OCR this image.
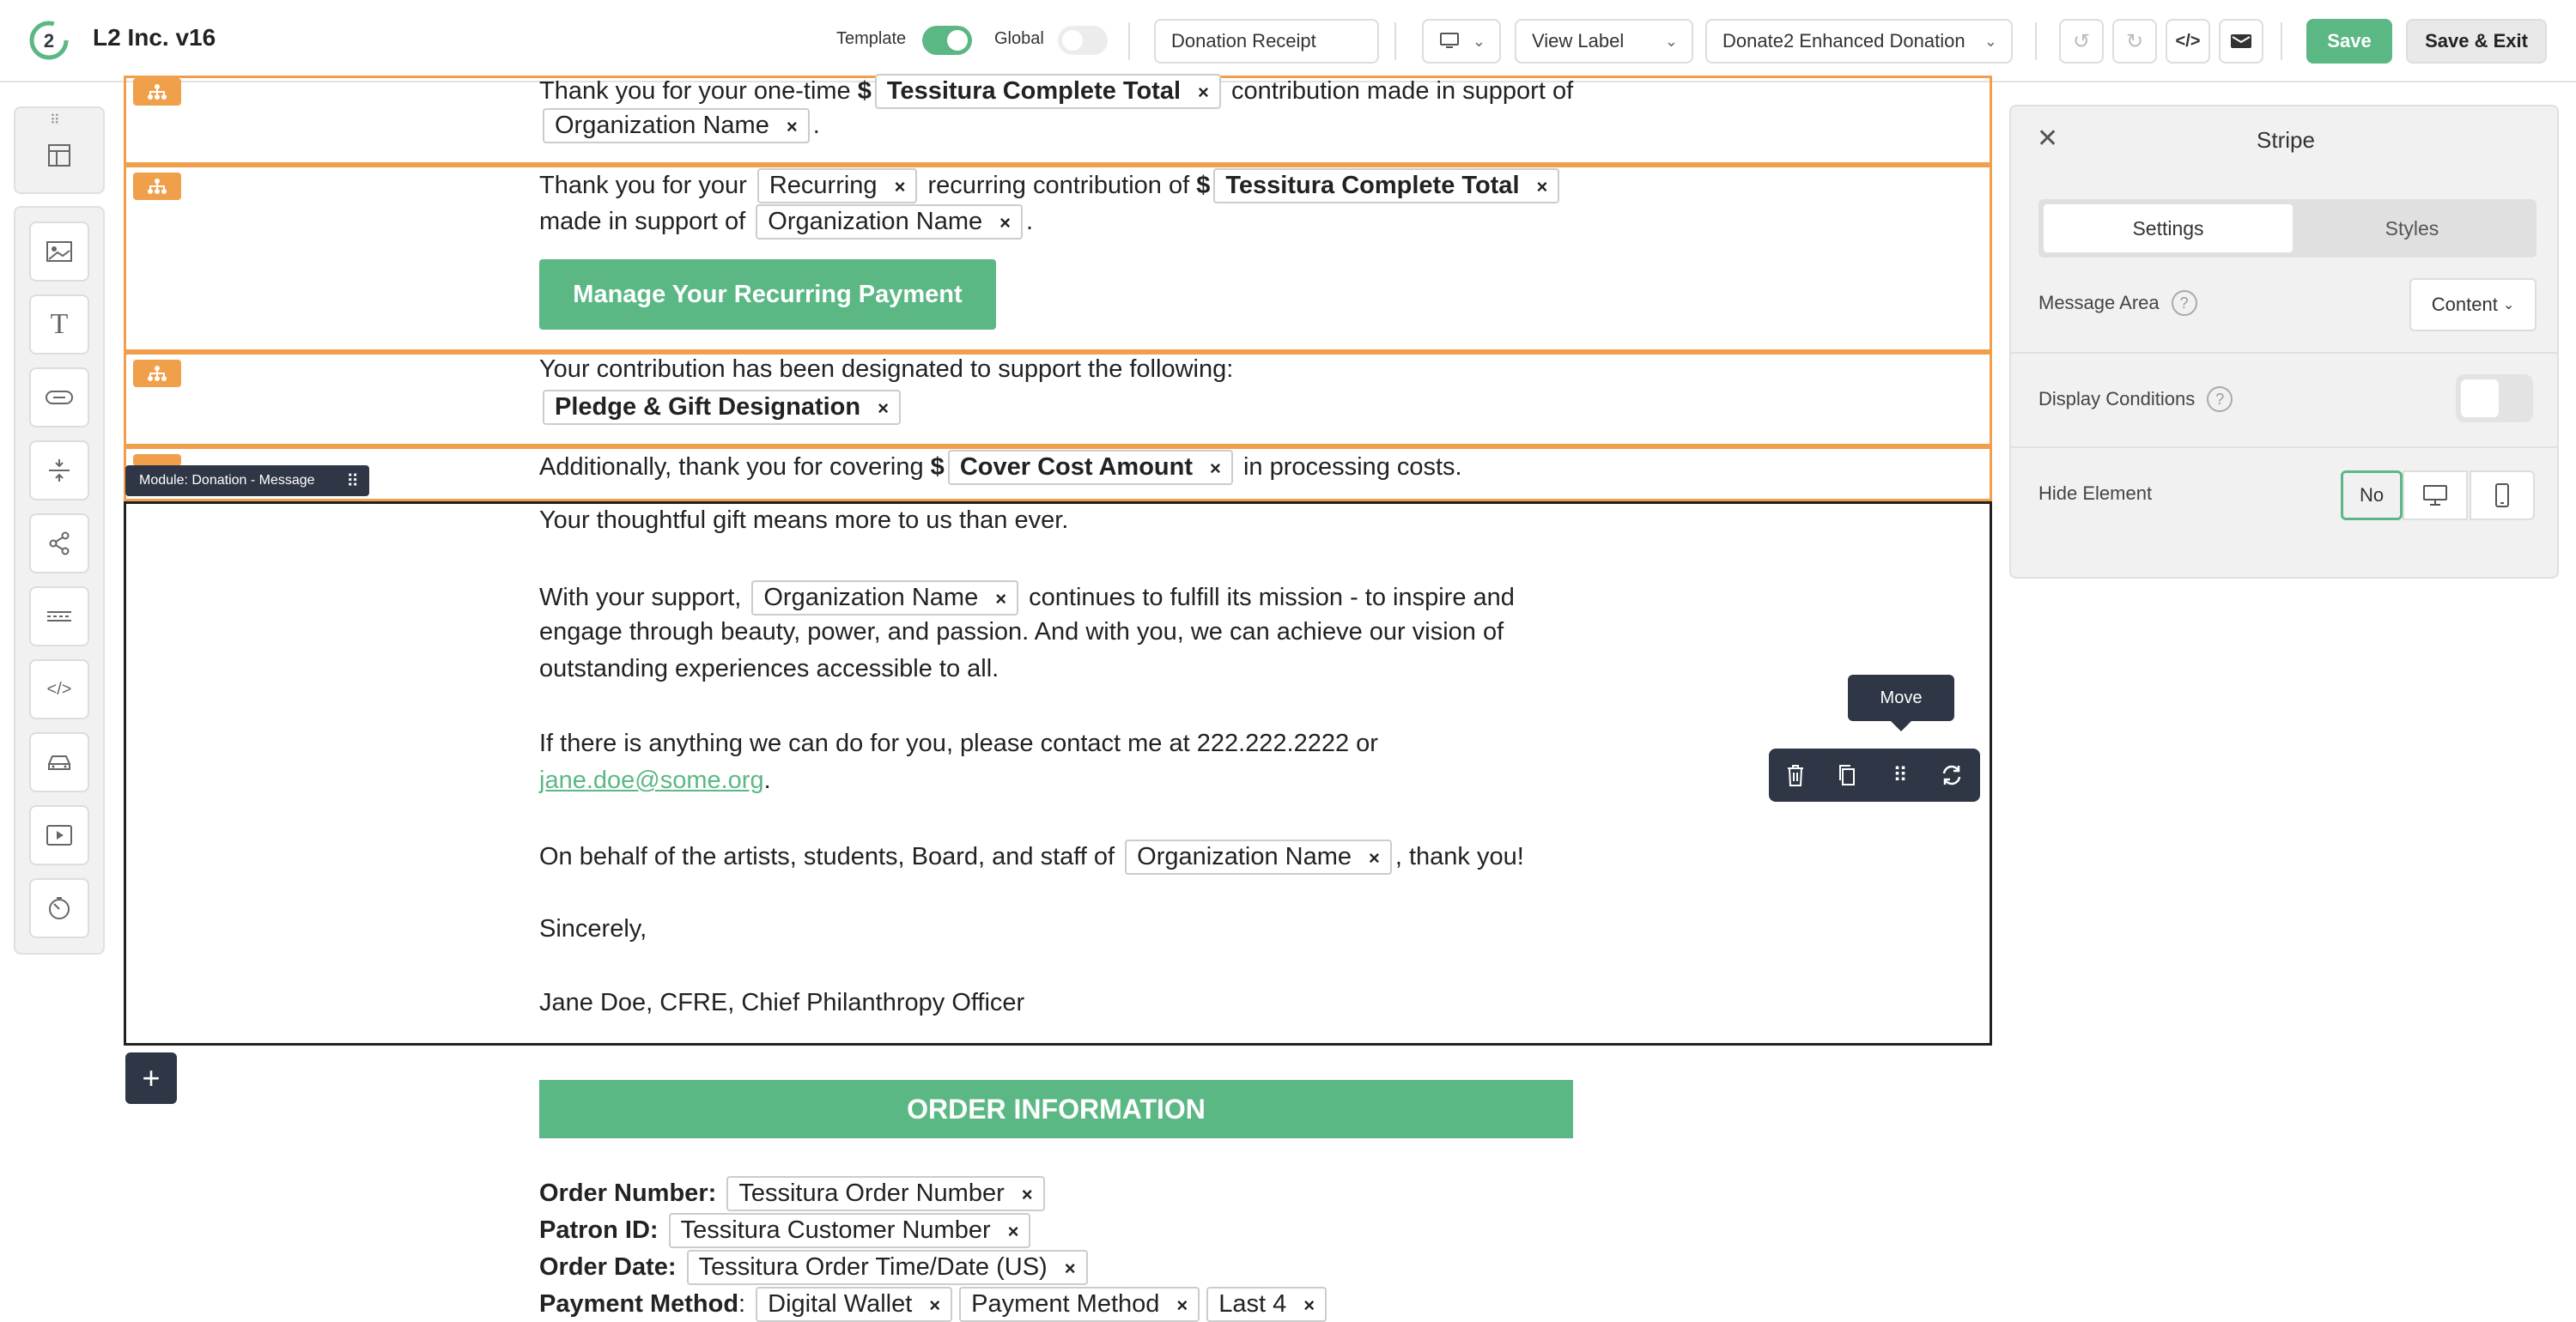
2 L2 Inc. v16	Template	Global	Donation Receipt	⌄ View Label	⌄ Donate2 Enhanced Donation ⌄	↺ ↻ </>	Save	Save & Exit
⠿
T
</>
Thank you for your one-time $ Tessitura Complete Total × contribution made in support of
Organization Name × .
Thank you for your Recurring × recurring contribution of $ Tessitura Complete Total ×
made in support of Organization Name × .
Manage Your Recurring Payment
Your contribution has been designated to support the following:
Pledge & Gift Designation ×
Additionally, thank you for covering $ Cover Cost Amount × in processing costs.
Module: Donation - Message ⠿
Your thoughtful gift means more to us than ever.
With your support, Organization Name × continues to fulfill its mission - to inspire and
engage through beauty, power, and passion. And with you, we can achieve our vision of
outstanding experiences accessible to all.
If there is anything we can do for you, please contact me at 222.222.2222 or
jane.doe@some.org.
On behalf of the artists, students, Board, and staff of Organization Name × , thank you!
Sincerely,
Jane Doe, CFRE, Chief Philanthropy Officer
Move
⠿
+
ORDER INFORMATION
Order Number: Tessitura Order Number ×
Patron ID: Tessitura Customer Number ×
Order Date: Tessitura Order Time/Date (US) ×
Payment Method: Digital Wallet × Payment Method × Last 4 ×
✕	Stripe
Settings	Styles
Message Area	?	Content ⌄
Display Conditions	?
Hide Element	No
